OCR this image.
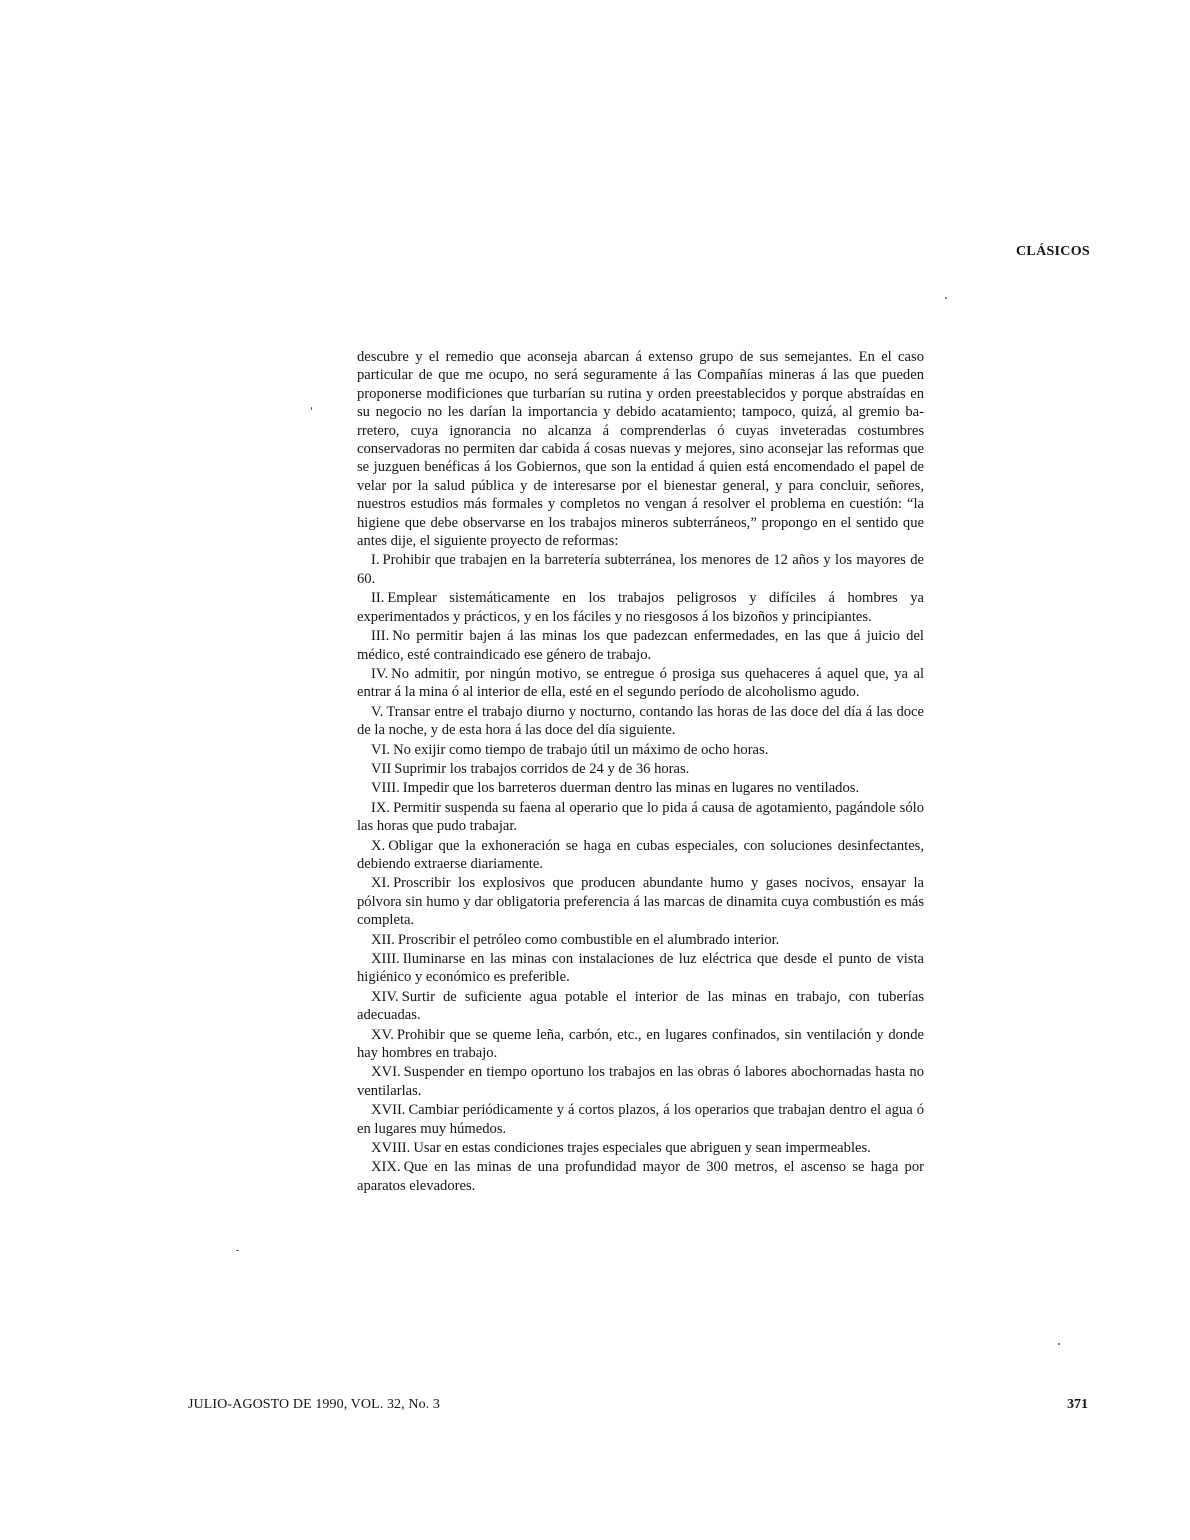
CLÁSICOS

descubre y el remedio que aconseja abarcan á extenso grupo de sus semejantes. En el caso particular de que me ocupo, no será seguramente á las Compañías mineras á las que pueden proponerse modificiones que turbarían su rutina y orden preestablecidos y porque abstraídas en su negocio no les darían la importancia y debido acatamiento; tampoco, quizá, al gremio barretero, cuya ignorancia no alcanza á comprenderlas ó cuyas inveteradas costumbres conservadoras no permiten dar cabida á cosas nuevas y mejores, sino aconsejar las reformas que se juzguen benéficas á los Gobiernos, que son la entidad á quien está encomendado el papel de velar por la salud pública y de interesarse por el bienestar general, y para concluir, señores, nuestros estudios más formales y completos no vengan á resolver el problema en cuestión: “la higiene que debe observarse en los trabajos mineros subterráneos,” propongo en el sentido que antes dije, el siguiente proyecto de reformas:

I. Prohibir que trabajen en la barretería subterránea, los menores de 12 años y los mayores de 60.

II. Emplear sistemáticamente en los trabajos peligrosos y difíciles á hombres ya experimentados y prácticos, y en los fáciles y no riesgosos á los bizoños y principiantes.

III. No permitir bajen á las minas los que padezcan enfermedades, en las que á juicio del médico, esté contraindicado ese género de trabajo.

IV. No admitir, por ningún motivo, se entregue ó prosiga sus quehaceres á aquel que, ya al entrar á la mina ó al interior de ella, esté en el segundo período de alcoholismo agudo.

V. Transar entre el trabajo diurno y nocturno, contando las horas de las doce del día á las doce de la noche, y de esta hora á las doce del día siguiente.

VI. No exijir como tiempo de trabajo útil un máximo de ocho horas.

VII Suprimir los trabajos corridos de 24 y de 36 horas.

VIII. Impedir que los barreteros duerman dentro las minas en lugares no ventilados.

IX. Permitir suspenda su faena al operario que lo pida á causa de agotamiento, pagándole sólo las horas que pudo trabajar.

X. Obligar que la exhoneración se haga en cubas especiales, con soluciones desinfectantes, debiendo extraerse diariamente.

XI. Proscribir los explosivos que producen abundante humo y gases nocivos, ensayar la pólvora sin humo y dar obligatoria preferencia á las marcas de dinamita cuya combustión es más completa.

XII. Proscribir el petróleo como combustible en el alumbrado interior.

XIII. Iluminarse en las minas con instalaciones de luz eléctrica que desde el punto de vista higiénico y económico es preferible.

XIV. Surtir de suficiente agua potable el interior de las minas en trabajo, con tuberías adecuadas.

XV. Prohibir que se queme leña, carbón, etc., en lugares confinados, sin ventilación y donde hay hombres en trabajo.

XVI. Suspender en tiempo oportuno los trabajos en las obras ó labores abochornadas hasta no ventilarlas.

XVII. Cambiar periódicamente y á cortos plazos, á los operarios que trabajan dentro el agua ó en lugares muy húmedos.

XVIII. Usar en estas condiciones trajes especiales que abriguen y sean impermeables.

XIX. Que en las minas de una profundidad mayor de 300 metros, el ascenso se haga por aparatos elevadores.

JULIO-AGOSTO DE 1990, VOL. 32, No. 3	371
